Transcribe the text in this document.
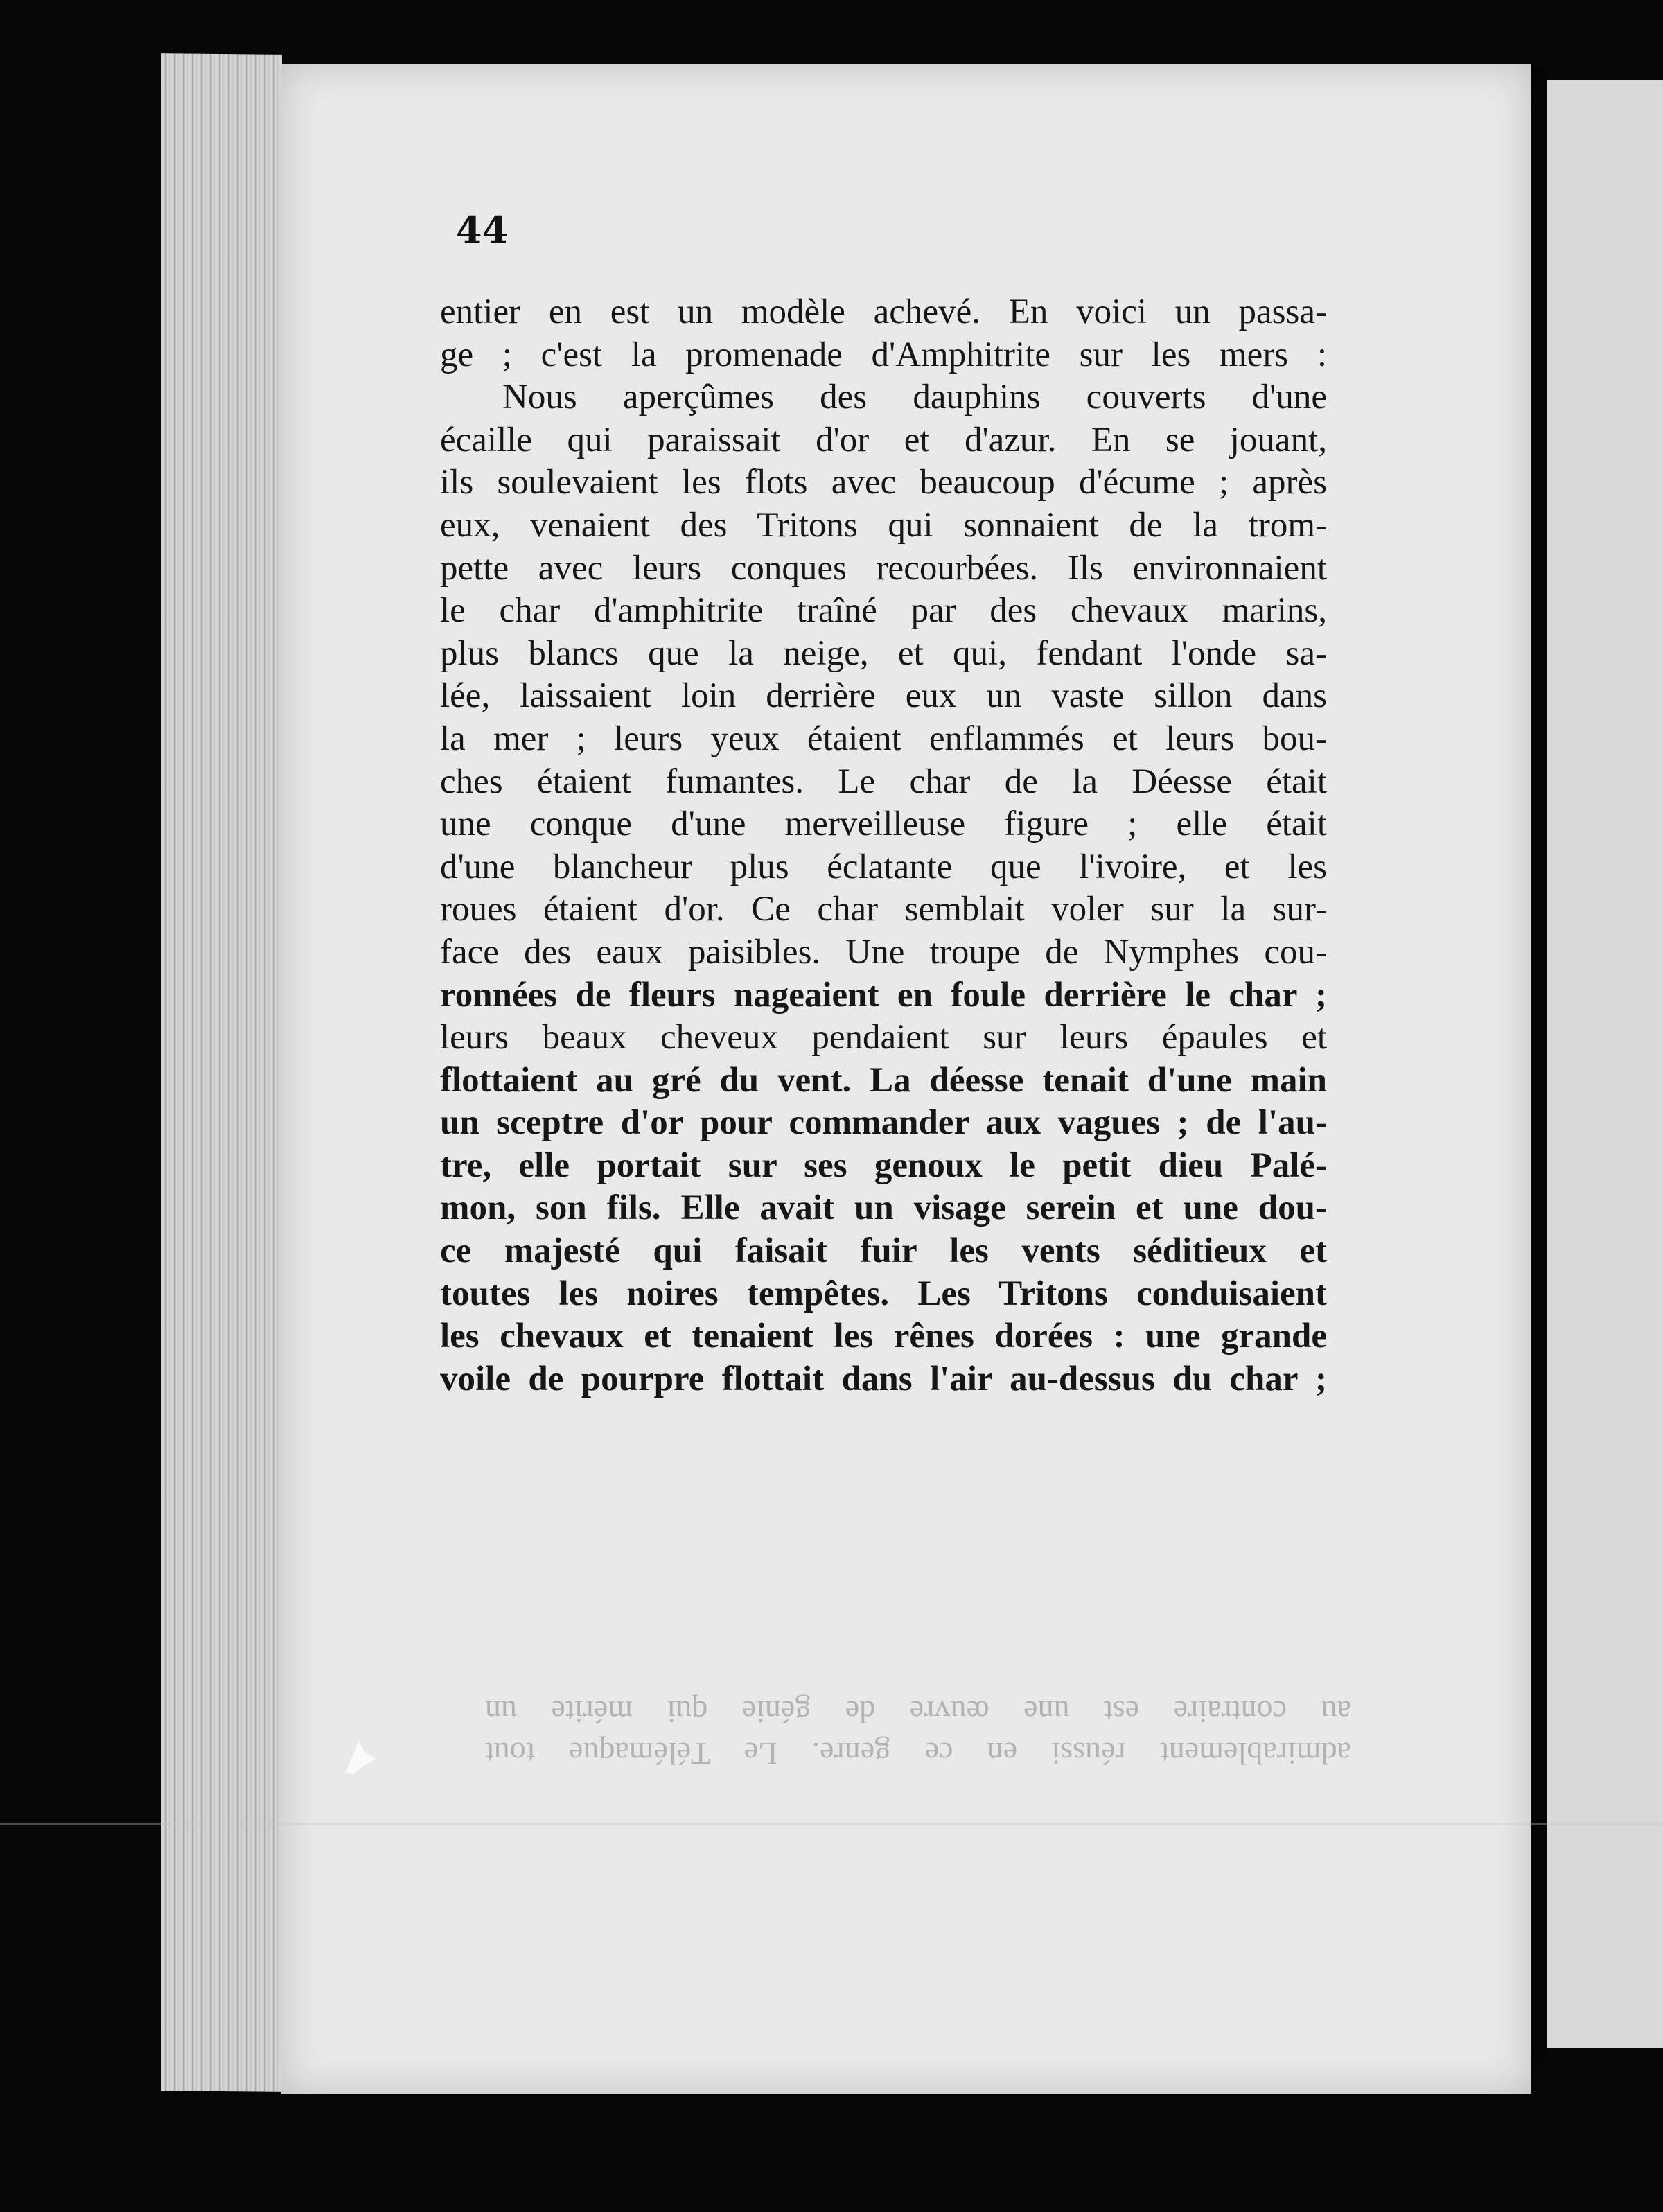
44
entier en est un modèle achevé. En voici un passa-
ge ; c'est la promenade d'Amphitrite sur les mers :
Nous aperçûmes des dauphins couverts d'une
écaille qui paraissait d'or et d'azur. En se jouant,
ils soulevaient les flots avec beaucoup d'écume ; après
eux, venaient des Tritons qui sonnaient de la trom-
pette avec leurs conques recourbées. Ils environnaient
le char d'amphitrite traîné par des chevaux marins,
plus blancs que la neige, et qui, fendant l'onde sa-
lée, laissaient loin derrière eux un vaste sillon dans
la mer ; leurs yeux étaient enflammés et leurs bou-
ches étaient fumantes. Le char de la Déesse était
une conque d'une merveilleuse figure ; elle était
d'une blancheur plus éclatante que l'ivoire, et les
roues étaient d'or. Ce char semblait voler sur la sur-
face des eaux paisibles. Une troupe de Nymphes cou-
ronnées de fleurs nageaient en foule derrière le char ;
leurs beaux cheveux pendaient sur leurs épaules et
flottaient au gré du vent. La déesse tenait d'une main
un sceptre d'or pour commander aux vagues ; de l'au-
tre, elle portait sur ses genoux le petit dieu Palé-
mon, son fils. Elle avait un visage serein et une dou-
ce majesté qui faisait fuir les vents séditieux et
toutes les noires tempêtes. Les Tritons conduisaient
les chevaux et tenaient les rênes dorées : une grande
voile de pourpre flottait dans l'air au-dessus du char ;
admirablement réussi en ce genre. Le Télémaque tout
au contraire est une œuvre de génie qui mérite un
